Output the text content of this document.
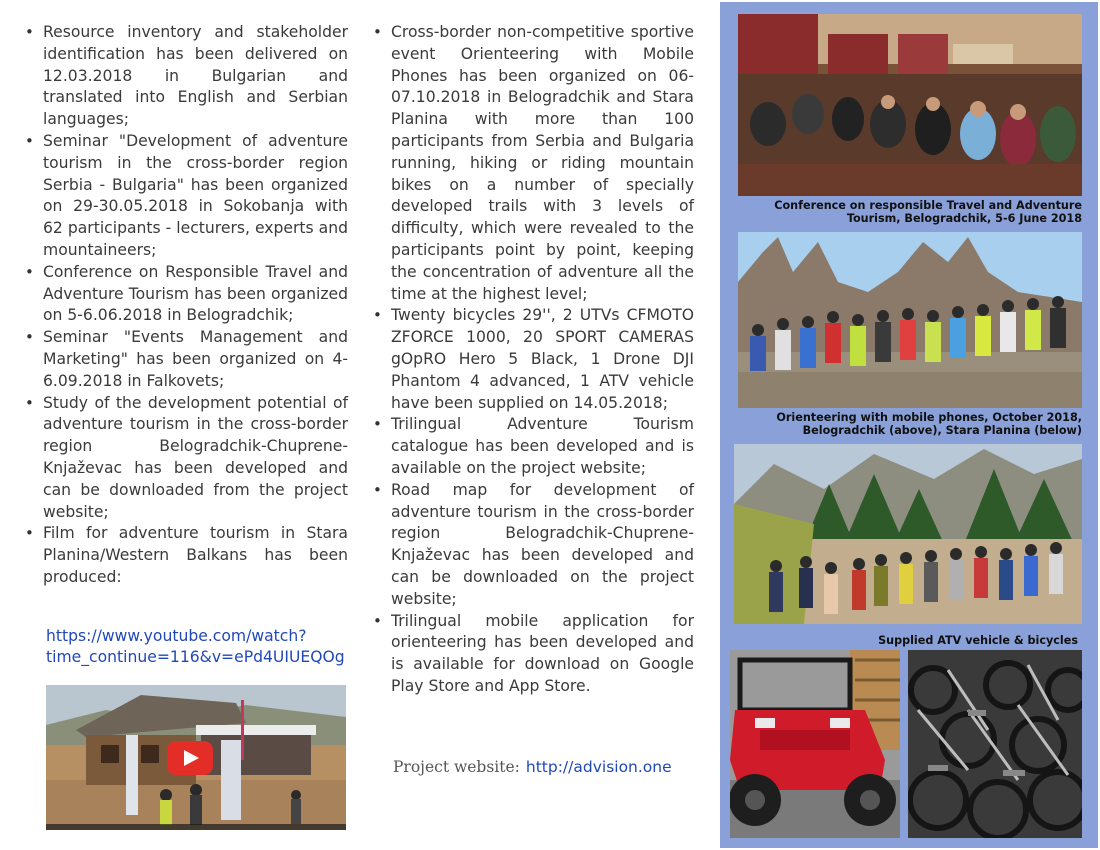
• Resource inventory and stakeholder identification has been delivered on 12.03.2018 in Bulgarian and translated into English and Serbian languages;
• Seminar "Development of adventure tourism in the cross-border region Serbia - Bulgaria" has been organized on 29-30.05.2018 in Sokobanja with 62 participants - lecturers, experts and mountaineers;
• Conference on Responsible Travel and Adventure Tourism has been organized on 5-6.06.2018 in Belogradchik;
• Seminar "Events Management and Marketing" has been organized on 4-6.09.2018 in Falkovets;
• Study of the development potential of adventure tourism in the cross-border region Belogradchik-Chuprene-Knjaževac has been developed and can be downloaded from the project website;
• Film for adventure tourism in Stara Planina/Western Balkans has been produced:
https://www.youtube.com/watch?
time_continue=116&v=ePd4UIUEQOg
• Cross-border non-competitive sportive event Orienteering with Mobile Phones has been organized on 06-07.10.2018 in Belogradchik and Stara Planina with more than 100 participants from Serbia and Bulgaria running, hiking or riding mountain bikes on a number of specially developed trails with 3 levels of difficulty, which were revealed to the participants point by point, keeping the concentration of adventure all the time at the highest level;
• Twenty bicycles 29'', 2 UTVs CFMOTO ZFORCE 1000, 20 SPORT CAMERAS gOpRO Hero 5 Black, 1 Drone DJI Phantom 4 advanced, 1 ATV vehicle have been supplied on 14.05.2018;
• Trilingual Adventure Tourism catalogue has been developed and is available on the project website;
• Road map for development of adventure tourism in the cross-border region Belogradchik-Chuprene-Knjaževac has been developed and can be downloaded on the project website;
• Trilingual mobile application for orienteering has been developed and is available for download on Google Play Store and App Store.
Project website: http://advision.one
Conference on responsible Travel and Adventure
Tourism, Belogradchik, 5-6 June 2018
Orienteering with mobile phones, October 2018,
Belogradchik (above), Stara Planina (below)
Supplied ATV vehicle & bicycles
